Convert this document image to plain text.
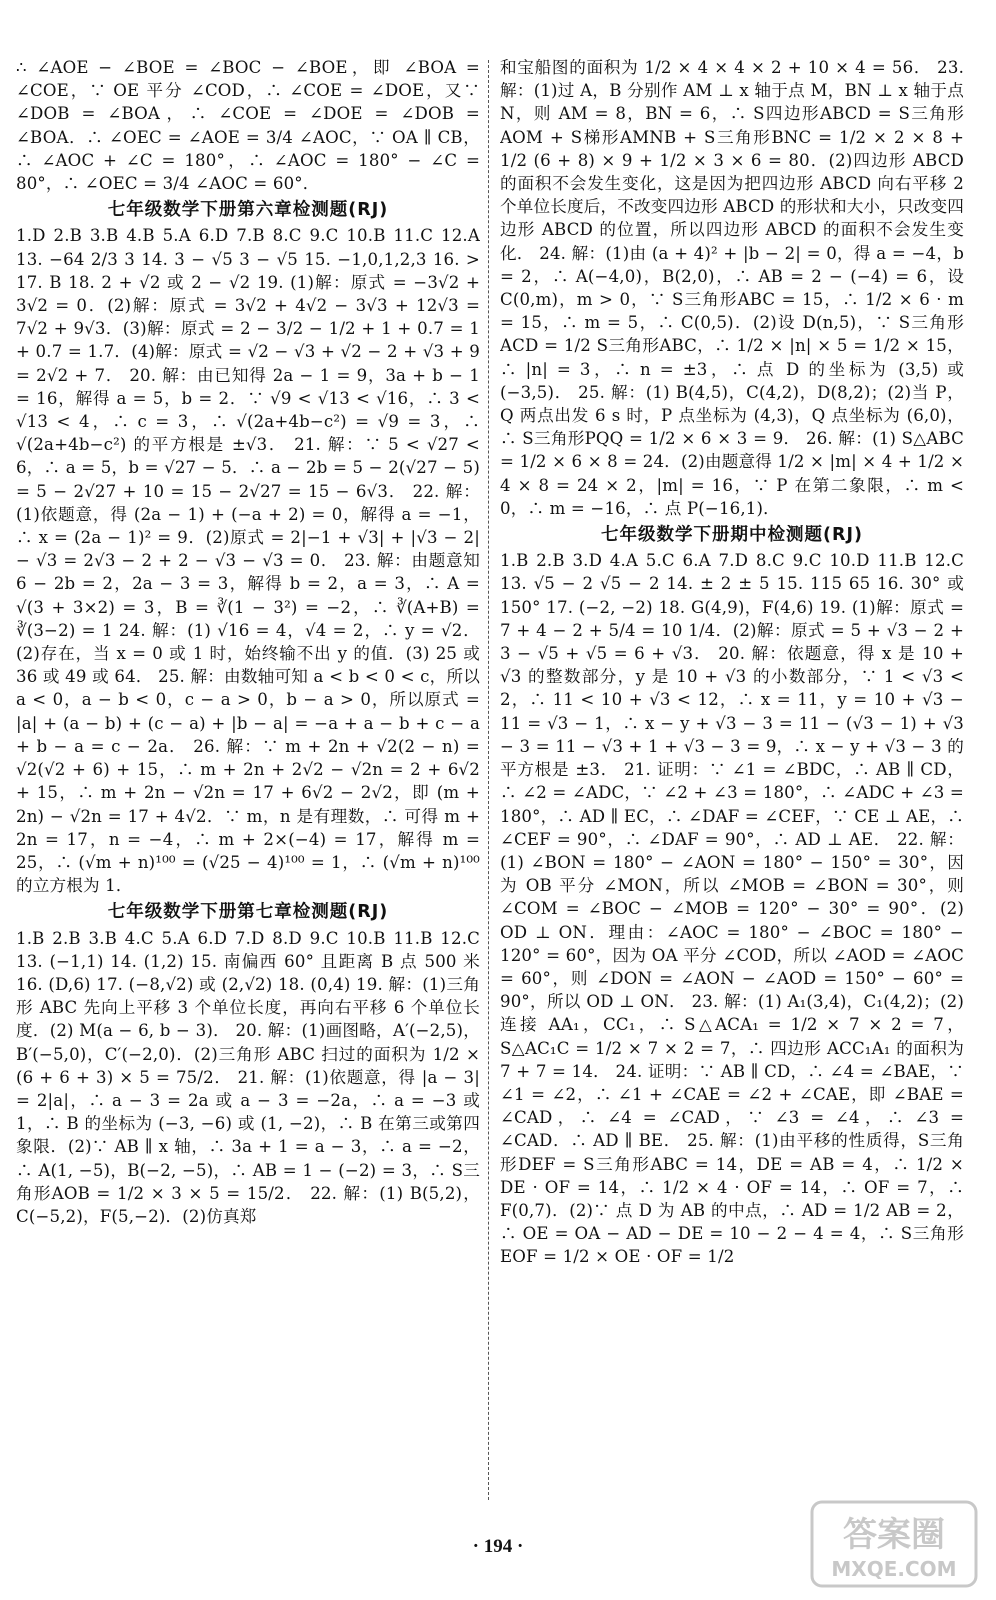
∴ ∠AOE − ∠BOE = ∠BOC − ∠BOE，即 ∠BOA = ∠COE，∵ OE 平分 ∠COD，∴ ∠COE = ∠DOE，又∵ ∠DOB = ∠BOA，∴ ∠COE = ∠DOE = ∠DOB = ∠BOA．∴ ∠OEC = ∠AOE = 3/4 ∠AOC，∵ OA ∥ CB，∴ ∠AOC + ∠C = 180°，∴ ∠AOC = 180° − ∠C = 80°，∴ ∠OEC = 3/4 ∠AOC = 60°．

七年级数学下册第六章检测题(RJ)

1.D 2.B 3.B 4.B 5.A 6.D 7.B 8.C 9.C 10.B 11.C 12.A 13. −64 2/3 3 14. 3 − √5 3 − √5 15. −1,0,1,2,3 16. > 17. B 18. 2 + √2 或 2 − √2 19. (1)解：原式 = −3√2 + 3√2 = 0．(2)解：原式 = 3√2 + 4√2 − 3√3 + 12√3 = 7√2 + 9√3．(3)解：原式 = 2 − 3/2 − 1/2 + 1 + 0.7 = 1 + 0.7 = 1.7．(4)解：原式 = √2 − √3 + √2 − 2 + √3 + 9 = 2√2 + 7． 20. 解：由已知得 2a − 1 = 9，3a + b − 1 = 16，解得 a = 5，b = 2．∵ √9 < √13 < √16，∴ 3 < √13 < 4，∴ c = 3，∴ √(2a+4b−c²) = √9 = 3，∴ √(2a+4b−c²) 的平方根是 ±√3． 21. 解：∵ 5 < √27 < 6，∴ a = 5，b = √27 − 5．∴ a − 2b = 5 − 2(√27 − 5) = 5 − 2√27 + 10 = 15 − 2√27 = 15 − 6√3． 22. 解：(1)依题意，得 (2a − 1) + (−a + 2) = 0，解得 a = −1，∴ x = (2a − 1)² = 9．(2)原式 = 2|−1 + √3| + |√3 − 2| − √3 = 2√3 − 2 + 2 − √3 − √3 = 0． 23. 解：由题意知 6 − 2b = 2，2a − 3 = 3，解得 b = 2，a = 3，∴ A = √(3 + 3×2) = 3，B = ∛(1 − 3²) = −2，∴ ∛(A+B) = ∛(3−2) = 1 24. 解：(1) √16 = 4，√4 = 2，∴ y = √2．(2)存在，当 x = 0 或 1 时，始终输不出 y 的值．(3) 25 或 36 或 49 或 64． 25. 解：由数轴可知 a < b < 0 < c，所以 a < 0，a − b < 0，c − a > 0，b − a > 0，所以原式 = |a| + (a − b) + (c − a) + |b − a| = −a + a − b + c − a + b − a = c − 2a． 26. 解：∵ m + 2n + √2(2 − n) = √2(√2 + 6) + 15，∴ m + 2n + 2√2 − √2n = 2 + 6√2 + 15，∴ m + 2n − √2n = 17 + 6√2 − 2√2，即 (m + 2n) − √2n = 17 + 4√2．∵ m，n 是有理数，∴ 可得 m + 2n = 17，n = −4，∴ m + 2×(−4) = 17，解得 m = 25，∴ (√m + n)¹⁰⁰ = (√25 − 4)¹⁰⁰ = 1，∴ (√m + n)¹⁰⁰ 的立方根为 1．

七年级数学下册第七章检测题(RJ)

1.B 2.B 3.B 4.C 5.A 6.D 7.D 8.D 9.C 10.B 11.B 12.C 13. (−1,1) 14. (1,2) 15. 南偏西 60° 且距离 B 点 500 米 16. (D,6) 17. (−8,√2) 或 (2,√2) 18. (0,4) 19. 解：(1)三角形 ABC 先向上平移 3 个单位长度，再向右平移 6 个单位长度．(2) M(a − 6, b − 3)． 20. 解：(1)画图略，A′(−2,5)，B′(−5,0)，C′(−2,0)．(2)三角形 ABC 扫过的面积为 1/2 × (6 + 6 + 3) × 5 = 75/2． 21. 解：(1)依题意，得 |a − 3| = 2|a|，∴ a − 3 = 2a 或 a − 3 = −2a，∴ a = −3 或 1，∴ B 的坐标为 (−3, −6) 或 (1, −2)，∴ B 在第三或第四象限．(2)∵ AB ∥ x 轴，∴ 3a + 1 = a − 3，∴ a = −2，∴ A(1, −5)，B(−2, −5)，∴ AB = 1 − (−2) = 3，∴ S三角形AOB = 1/2 × 3 × 5 = 15/2． 22. 解：(1) B(5,2)，C(−5,2)，F(5,−2)．(2)仿真郑

和宝船图的面积为 1/2 × 4 × 4 × 2 + 10 × 4 = 56． 23. 解：(1)过 A，B 分别作 AM ⊥ x 轴于点 M，BN ⊥ x 轴于点 N，则 AM = 8，BN = 6，∴ S四边形ABCD = S三角形AOM + S梯形AMNB + S三角形BNC = 1/2 × 2 × 8 + 1/2 (6 + 8) × 9 + 1/2 × 3 × 6 = 80．(2)四边形 ABCD 的面积不会发生变化，这是因为把四边形 ABCD 向右平移 2 个单位长度后，不改变四边形 ABCD 的形状和大小，只改变四边形 ABCD 的位置，所以四边形 ABCD 的面积不会发生变化． 24. 解：(1)由 (a + 4)² + |b − 2| = 0，得 a = −4，b = 2，∴ A(−4,0)，B(2,0)，∴ AB = 2 − (−4) = 6，设 C(0,m)，m > 0，∵ S三角形ABC = 15，∴ 1/2 × 6 · m = 15，∴ m = 5，∴ C(0,5)．(2)设 D(n,5)，∵ S三角形ACD = 1/2 S三角形ABC，∴ 1/2 × |n| × 5 = 1/2 × 15，∴ |n| = 3，∴ n = ±3，∴ 点 D 的坐标为 (3,5) 或 (−3,5)． 25. 解：(1) B(4,5)，C(4,2)，D(8,2)；(2)当 P，Q 两点出发 6 s 时，P 点坐标为 (4,3)，Q 点坐标为 (6,0)，∴ S三角形PQQ = 1/2 × 6 × 3 = 9． 26. 解：(1) S△ABC = 1/2 × 6 × 8 = 24．(2)由题意得 1/2 × |m| × 4 + 1/2 × 4 × 8 = 24 × 2，|m| = 16，∵ P 在第二象限，∴ m < 0，∴ m = −16，∴ 点 P(−16,1)．

七年级数学下册期中检测题(RJ)

1.B 2.B 3.D 4.A 5.C 6.A 7.D 8.C 9.C 10.D 11.B 12.C 13. √5 − 2 √5 − 2 14. ± 2 ± 5 15. 115 65 16. 30° 或 150° 17. (−2, −2) 18. G(4,9)，F(4,6) 19. (1)解：原式 = 7 + 4 − 2 + 5/4 = 10 1/4．(2)解：原式 = 5 + √3 − 2 + 3 − √5 + √5 = 6 + √3． 20. 解：依题意，得 x 是 10 + √3 的整数部分，y 是 10 + √3 的小数部分，∵ 1 < √3 < 2，∴ 11 < 10 + √3 < 12，∴ x = 11，y = 10 + √3 − 11 = √3 − 1，∴ x − y + √3 − 3 = 11 − (√3 − 1) + √3 − 3 = 11 − √3 + 1 + √3 − 3 = 9，∴ x − y + √3 − 3 的平方根是 ±3． 21. 证明：∵ ∠1 = ∠BDC，∴ AB ∥ CD，∴ ∠2 = ∠ADC，∵ ∠2 + ∠3 = 180°，∴ ∠ADC + ∠3 = 180°，∴ AD ∥ EC，∴ ∠DAF = ∠CEF，∵ CE ⊥ AE，∴ ∠CEF = 90°，∴ ∠DAF = 90°，∴ AD ⊥ AE． 22. 解：(1) ∠BON = 180° − ∠AON = 180° − 150° = 30°，因为 OB 平分 ∠MON，所以 ∠MOB = ∠BON = 30°，则 ∠COM = ∠BOC − ∠MOB = 120° − 30° = 90°．(2) OD ⊥ ON．理由：∠AOC = 180° − ∠BOC = 180° − 120° = 60°，因为 OA 平分 ∠COD，所以 ∠AOD = ∠AOC = 60°，则 ∠DON = ∠AON − ∠AOD = 150° − 60° = 90°，所以 OD ⊥ ON． 23. 解：(1) A₁(3,4)，C₁(4,2)；(2)连接 AA₁，CC₁，∴ S△ACA₁ = 1/2 × 7 × 2 = 7，S△AC₁C = 1/2 × 7 × 2 = 7，∴ 四边形 ACC₁A₁ 的面积为 7 + 7 = 14． 24. 证明：∵ AB ∥ CD，∴ ∠4 = ∠BAE，∵ ∠1 = ∠2，∴ ∠1 + ∠CAE = ∠2 + ∠CAE，即 ∠BAE = ∠CAD，∴ ∠4 = ∠CAD，∵ ∠3 = ∠4，∴ ∠3 = ∠CAD．∴ AD ∥ BE． 25. 解：(1)由平移的性质得，S三角形DEF = S三角形ABC = 14，DE = AB = 4，∴ 1/2 × DE · OF = 14，∴ 1/2 × 4 · OF = 14，∴ OF = 7，∴ F(0,7)．(2)∵ 点 D 为 AB 的中点，∴ AD = 1/2 AB = 2，∴ OE = OA − AD − DE = 10 − 2 − 4 = 4，∴ S三角形EOF = 1/2 × OE · OF = 1/2

· 194 ·	答案圈
MXQE.COM
